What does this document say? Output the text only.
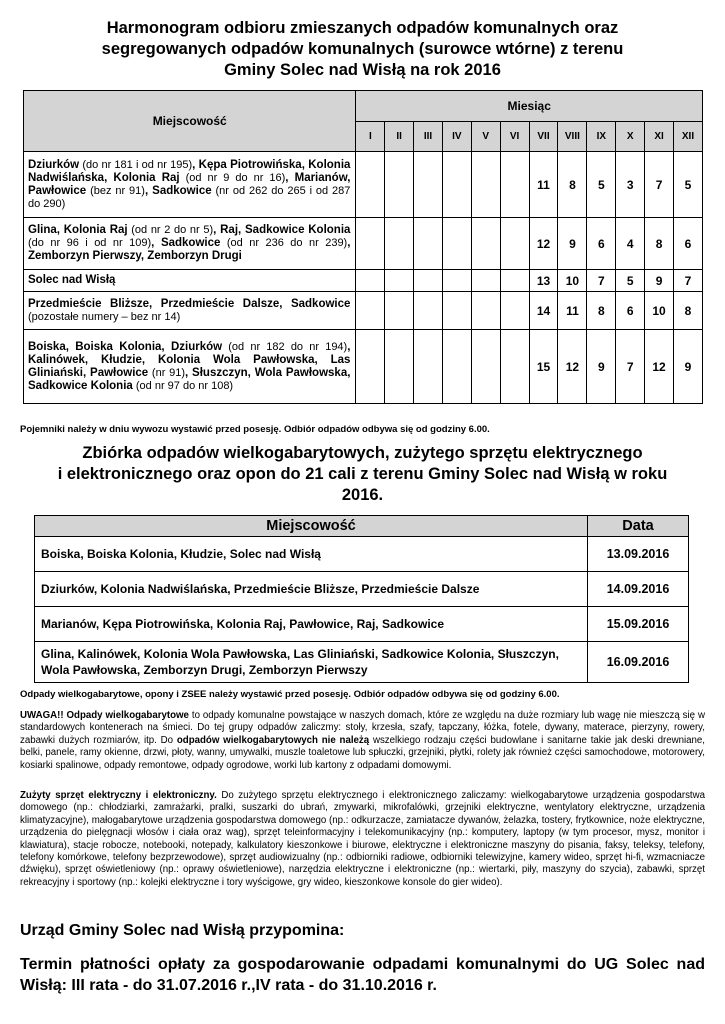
Harmonogram odbioru zmieszanych odpadów komunalnych oraz
segregowanych odpadów komunalnych (surowce wtórne) z terenu
Gminy Solec nad Wisłą na rok 2016
Miejscowość	Miesiąc											
	I	II	III	IV	V	VI	VII	VIII	IX	X	XI	XII
Dziurków (do nr 181 i od nr 195), Kępa Piotrowińska, Kolonia Nadwiślańska, Kolonia Raj (od nr 9 do nr 16), Marianów, Pawłowice (bez nr 91), Sadkowice (nr od 262 do 265 i od 287 do 290)							11	8	5	3	7	5
Glina, Kolonia Raj (od nr 2 do nr 5), Raj, Sadkowice Kolonia (do nr 96 i od nr 109), Sadkowice (od nr 236 do nr 239), Zemborzyn Pierwszy, Zemborzyn Drugi							12	9	6	4	8	6
Solec nad Wisłą							13	10	7	5	9	7
Przedmieście Bliższe, Przedmieście Dalsze, Sadkowice (pozostałe numery – bez nr 14)							14	11	8	6	10	8
Boiska, Boiska Kolonia, Dziurków (od nr 182 do nr 194), Kalinówek, Kłudzie, Kolonia Wola Pawłowska, Las Gliniański, Pawłowice (nr 91), Słuszczyn, Wola Pawłowska, Sadkowice Kolonia (od nr 97 do nr 108)							15	12	9	7	12	9
Pojemniki należy w dniu wywozu wystawić przed posesję. Odbiór odpadów odbywa się od godziny 6.00.
Zbiórka odpadów wielkogabarytowych, zużytego sprzętu elektrycznego
i elektronicznego oraz opon do 21 cali z terenu Gminy Solec nad Wisłą w roku
2016.
Miejscowość	Data
Boiska, Boiska Kolonia, Kłudzie, Solec nad Wisłą	13.09.2016
Dziurków, Kolonia Nadwiślańska, Przedmieście Bliższe, Przedmieście Dalsze	14.09.2016
Marianów, Kępa Piotrowińska, Kolonia Raj, Pawłowice, Raj, Sadkowice	15.09.2016
Glina, Kalinówek, Kolonia Wola Pawłowska, Las Gliniański, Sadkowice Kolonia, Słuszczyn, Wola Pawłowska, Zemborzyn Drugi, Zemborzyn Pierwszy	16.09.2016
Odpady wielkogabarytowe, opony i ZSEE należy wystawić przed posesję. Odbiór odpadów odbywa się od godziny 6.00.
UWAGA!! Odpady wielkogabarytowe to odpady komunalne powstające w naszych domach, które ze względu na duże rozmiary lub wagę nie mieszczą się w standardowych kontenerach na śmieci. Do tej grupy odpadów zaliczmy: stoły, krzesła, szafy, tapczany, łóżka, fotele, dywany, materace, pierzyny, rowery, zabawki dużych rozmiarów, itp. Do odpadów wielkogabarytowych nie należą wszelkiego rodzaju części budowlane i sanitarne takie jak deski drewniane, belki, panele, ramy okienne, drzwi, płoty, wanny, umywalki, muszle toaletowe lub spłuczki, grzejniki, płytki, rolety jak również części samochodowe, motorowery, kosiarki spalinowe, odpady remontowe, odpady ogrodowe, worki lub kartony z odpadami domowymi.
Zużyty sprzęt elektryczny i elektroniczny. Do zużytego sprzętu elektrycznego i elektronicznego zaliczamy: wielkogabarytowe urządzenia gospodarstwa domowego (np.: chłodziarki, zamrażarki, pralki, suszarki do ubrań, zmywarki, mikrofalówki, grzejniki elektryczne, wentylatory elektryczne, urządzenia klimatyzacyjne), małogabarytowe urządzenia gospodarstwa domowego (np.: odkurzacze, zamiatacze dywanów, żelazka, tostery, frytkownice, noże elektryczne, urządzenia do pielęgnacji włosów i ciała oraz wag), sprzęt teleinformacyjny i telekomunikacyjny (np.: komputery, laptopy (w tym procesor, mysz, monitor i klawiatura), stacje robocze, notebooki, notepady, kalkulatory kieszonkowe i biurowe, elektryczne i elektroniczne maszyny do pisania, faksy, teleksy, telefony, telefony komórkowe, telefony bezprzewodowe), sprzęt audiowizualny (np.: odbiorniki radiowe, odbiorniki telewizyjne, kamery wideo, sprzęt hi-fi, wzmacniacze dźwięku), sprzęt oświetleniowy (np.: oprawy oświetleniowe), narzędzia elektryczne i elektroniczne (np.: wiertarki, piły, maszyny do szycia), zabawki, sprzęt rekreacyjny i sportowy (np.: kolejki elektryczne i tory wyścigowe, gry wideo, kieszonkowe konsole do gier wideo).
Urząd Gminy Solec nad Wisłą przypomina:
Termin płatności opłaty za gospodarowanie odpadami komunalnymi do UG Solec nad Wisłą: III rata - do 31.07.2016 r.,IV rata - do 31.10.2016 r.
